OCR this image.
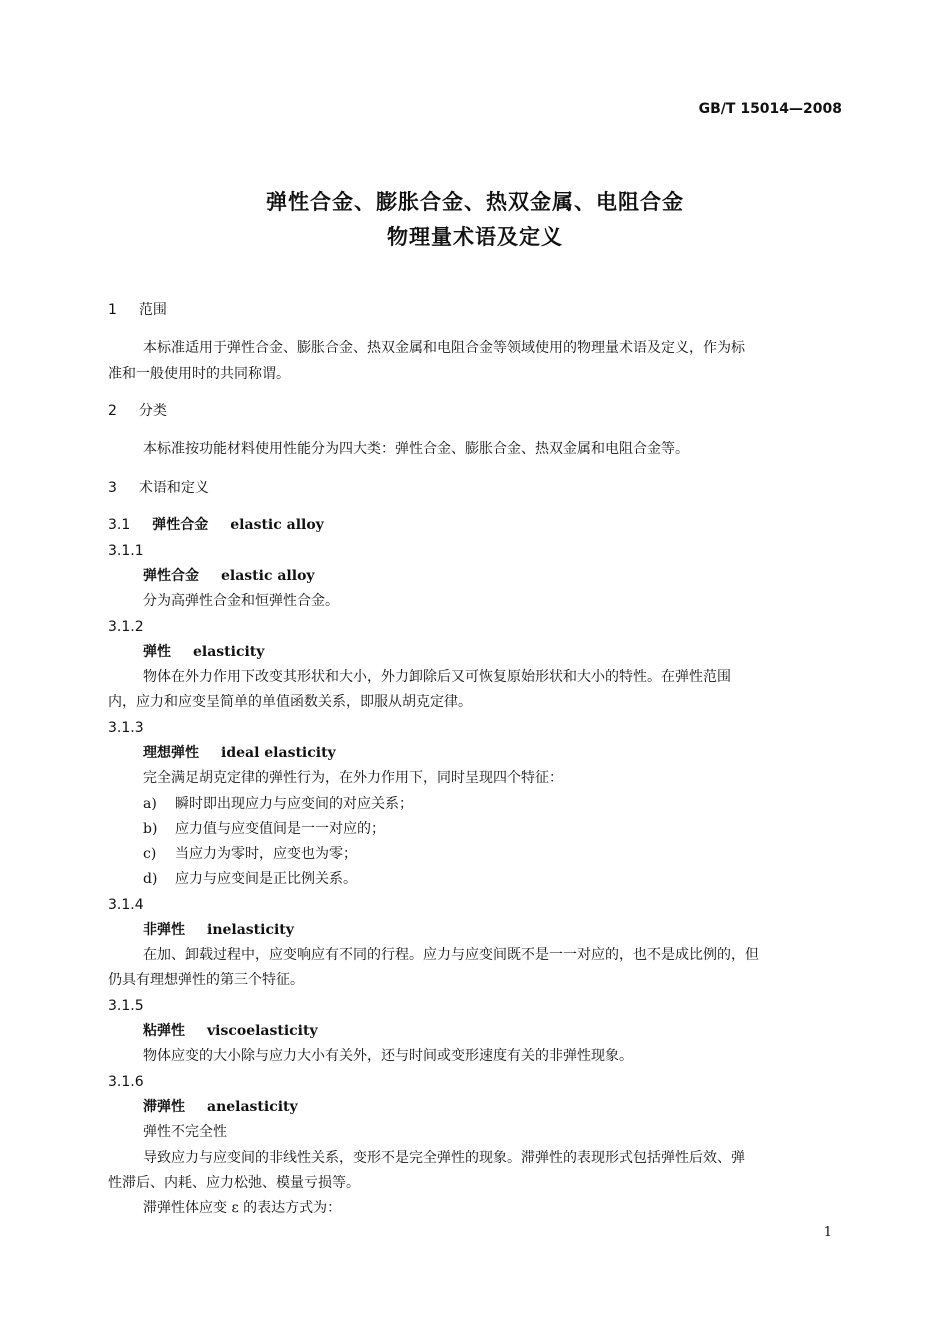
GB/T 15014—2008
弹性合金、膨胀合金、热双金属、电阻合金
物理量术语及定义
1 范围
本标准适用于弹性合金、膨胀合金、热双金属和电阻合金等领域使用的物理量术语及定义，作为标
准和一般使用时的共同称谓。
2 分类
本标准按功能材料使用性能分为四大类：弹性合金、膨胀合金、热双金属和电阻合金等。
3 术语和定义
3.1 弹性合金 elastic alloy
3.1.1
弹性合金 elastic alloy
分为高弹性合金和恒弹性合金。
3.1.2
弹性 elasticity
物体在外力作用下改变其形状和大小，外力卸除后又可恢复原始形状和大小的特性。在弹性范围
内，应力和应变呈简单的单值函数关系，即服从胡克定律。
3.1.3
理想弹性 ideal elasticity
完全满足胡克定律的弹性行为，在外力作用下，同时呈现四个特征：
a) 瞬时即出现应力与应变间的对应关系；
b) 应力值与应变值间是一一对应的；
c) 当应力为零时，应变也为零；
d) 应力与应变间是正比例关系。
3.1.4
非弹性 inelasticity
在加、卸载过程中，应变响应有不同的行程。应力与应变间既不是一一对应的，也不是成比例的，但
仍具有理想弹性的第三个特征。
3.1.5
粘弹性 viscoelasticity
物体应变的大小除与应力大小有关外，还与时间或变形速度有关的非弹性现象。
3.1.6
滞弹性 anelasticity
弹性不完全性
导致应力与应变间的非线性关系，变形不是完全弹性的现象。滞弹性的表现形式包括弹性后效、弹
性滞后、内耗、应力松弛、模量亏损等。
滞弹性体应变 ε 的表达方式为：
1
